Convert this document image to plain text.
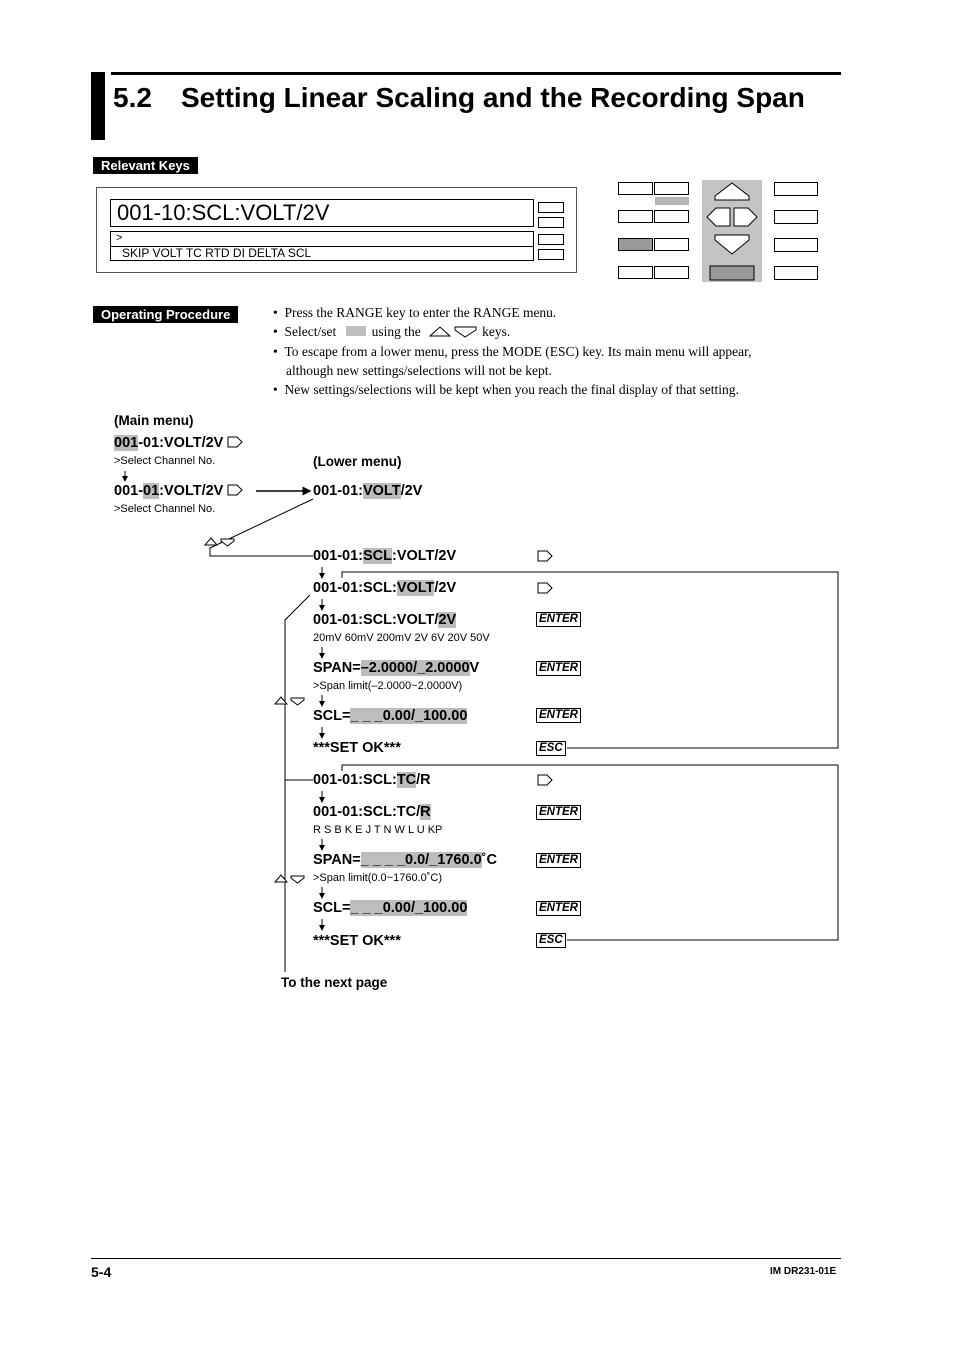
5.2 Setting Linear Scaling and the Recording Span
Relevant Keys
001-10:SCL:VOLT/2V
>
SKIP VOLT TC RTD DI DELTA SCL
Operating Procedure	•  Press the RANGE key to enter the RANGE menu.
•  Select/set	using the	keys.
•  To escape from a lower menu, press the MODE (ESC) key. Its main menu will appear,
although new settings/selections will not be kept.
•  New settings/selections will be kept when you reach the final display of that setting.
(Main menu)
001-01:VOLT/2V
>Select Channel No.
001-01:VOLT/2V
>Select Channel No.
(Lower menu)
001-01:VOLT/2V
001-01:SCL:VOLT/2V
001-01:SCL:VOLT/2V
001-01:SCL:VOLT/2V
20mV 60mV 200mV 2V 6V 20V 50V
ENTER
SPAN=–2.0000/_2.0000V
>Span limit(–2.0000~2.0000V)
ENTER
SCL=_ _ _0.00/_100.00	ENTER
***SET OK***	ESC
001-01:SCL:TC/R
001-01:SCL:TC/R
R S B K E J T N W L U KP
ENTER
SPAN=_ _ _ _0.0/_1760.0˚C
>Span limit(0.0~1760.0˚C)
ENTER
SCL=_ _ _0.00/_100.00	ENTER
***SET OK***	ESC
To the next page
5-4	IM DR231-01E
